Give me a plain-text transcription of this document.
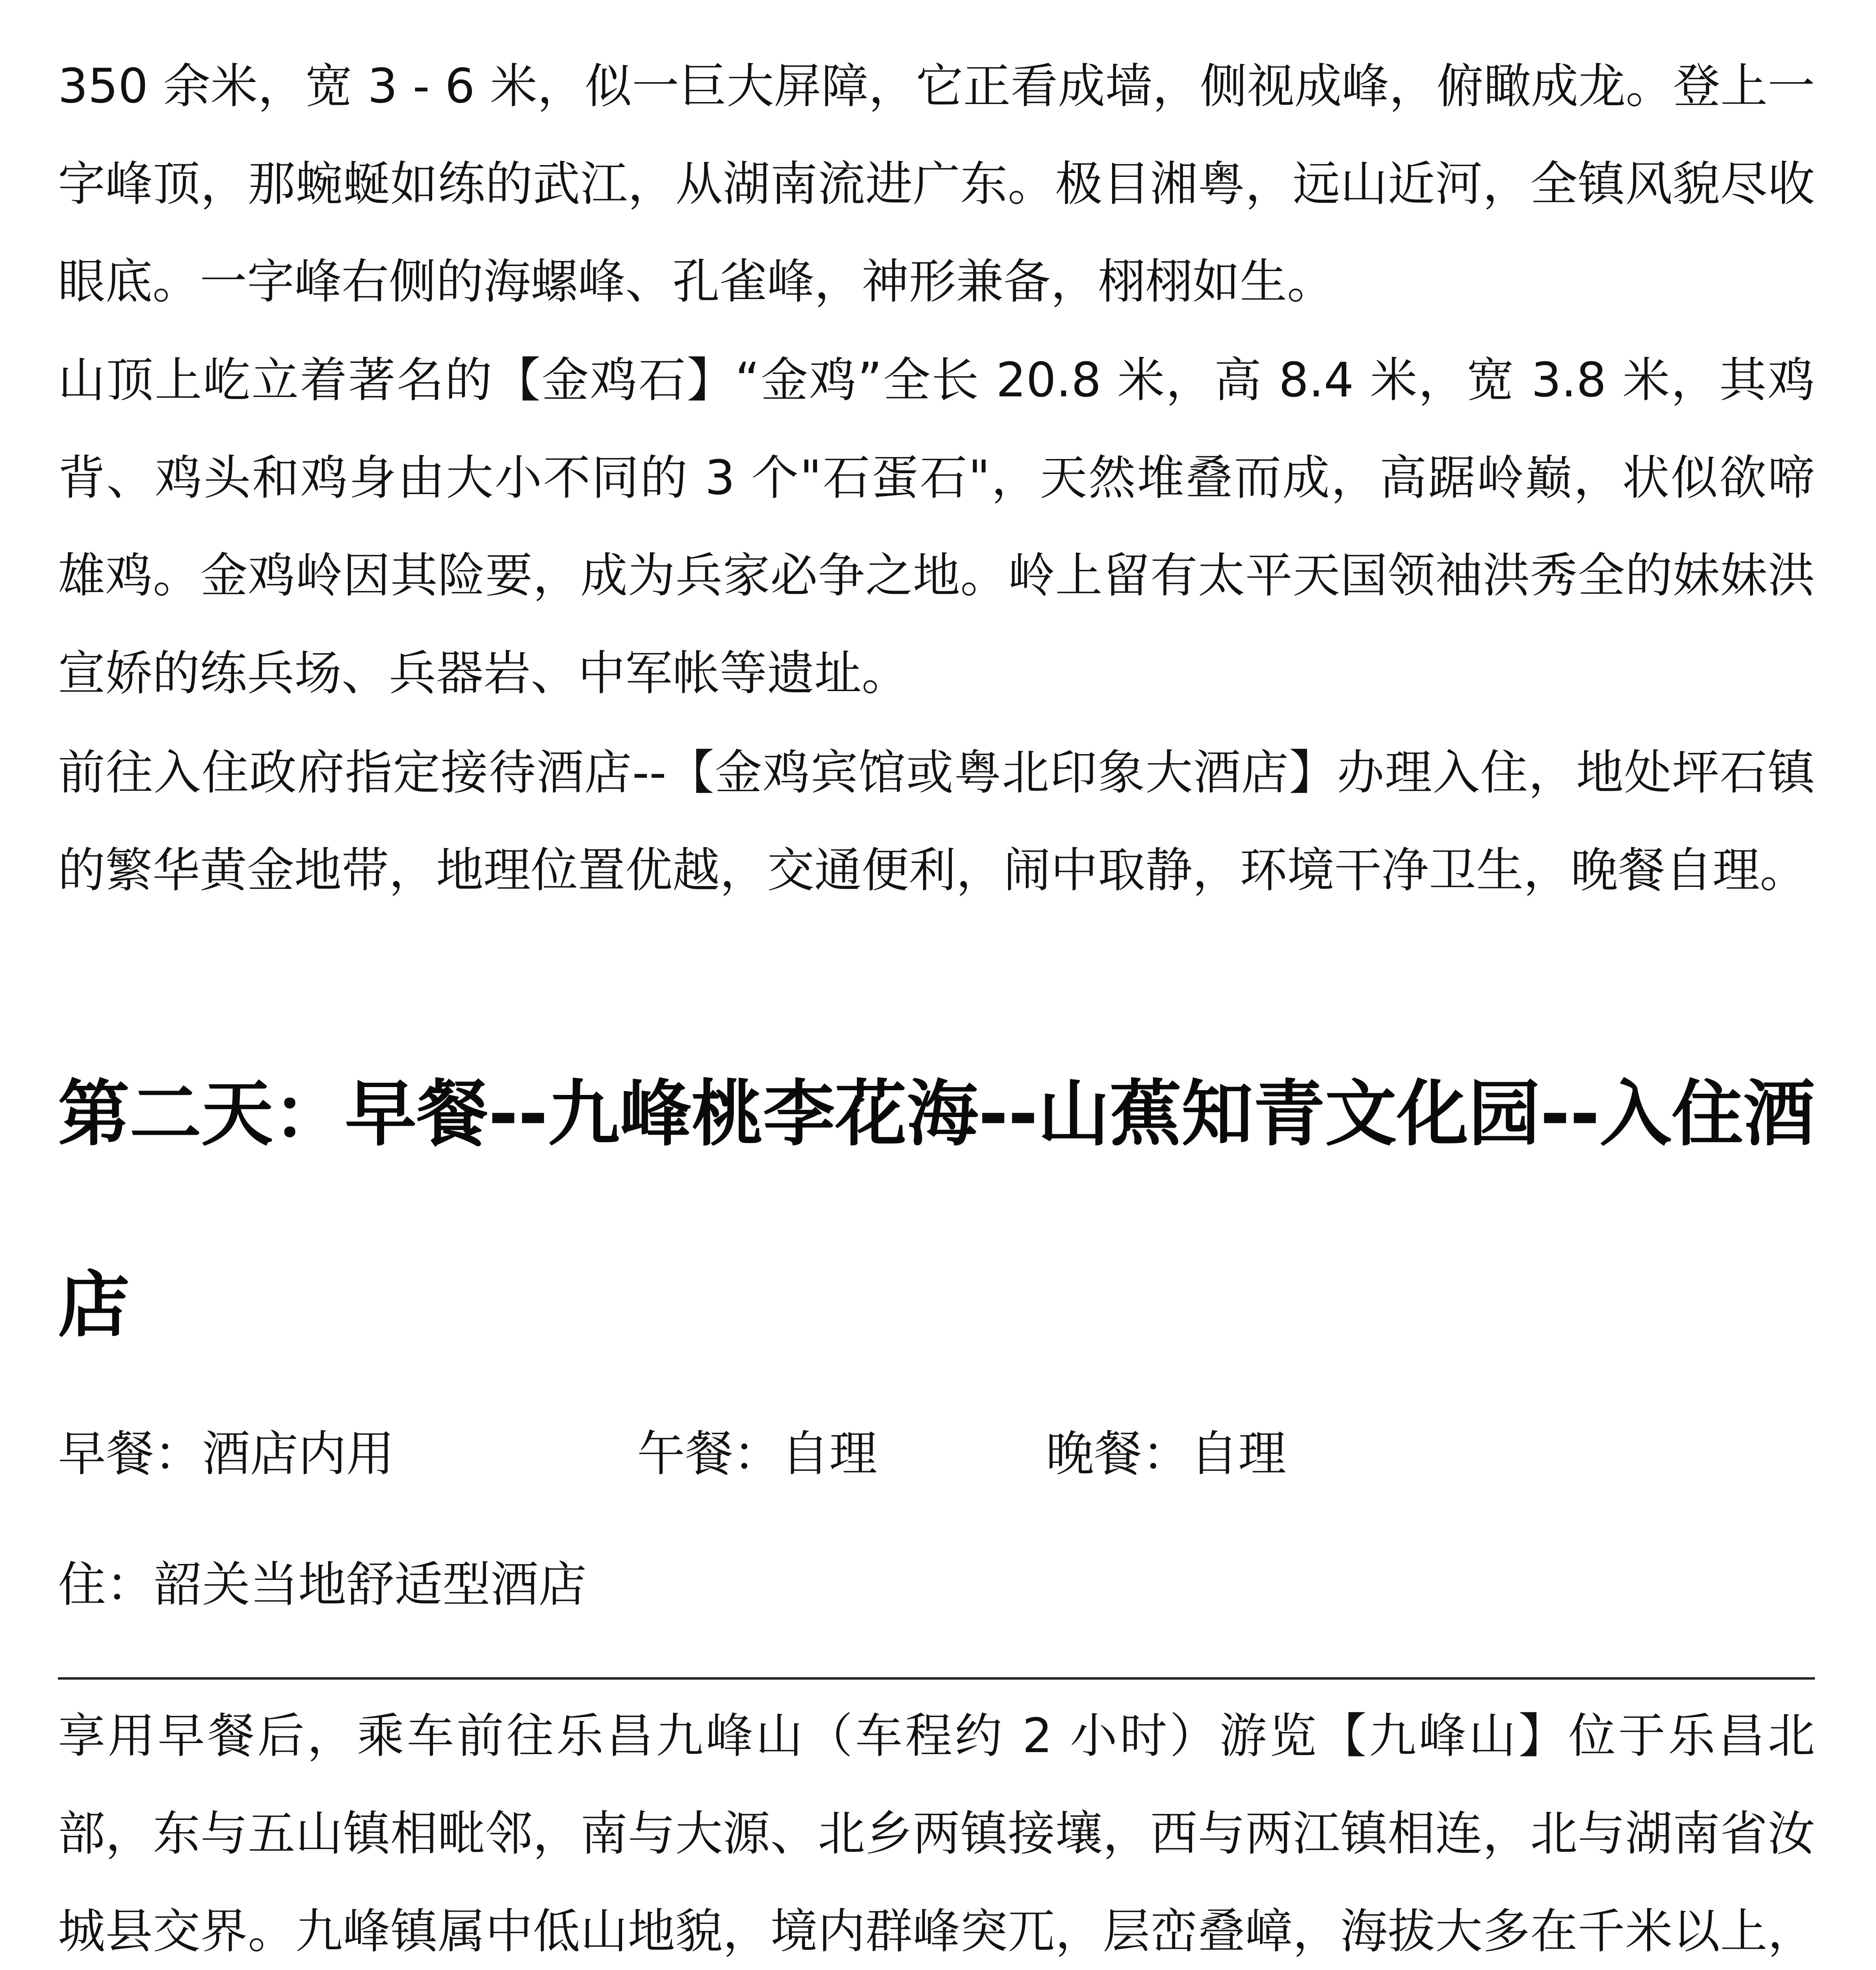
350 余米，宽 3 - 6 米，似一巨大屏障，它正看成墙，侧视成峰，俯瞰成龙。登上一字峰顶，那蜿蜒如练的武江，从湖南流进广东。极目湘粤，远山近河，全镇风貌尽收眼底。一字峰右侧的海螺峰、孔雀峰，神形兼备，栩栩如生。

山顶上屹立着著名的【金鸡石】“金鸡”全长 20.8 米，高 8.4 米，宽 3.8 米，其鸡背、鸡头和鸡身由大小不同的 3 个"石蛋石"，天然堆叠而成，高踞岭巅，状似欲啼雄鸡。金鸡岭因其险要，成为兵家必争之地。岭上留有太平天国领袖洪秀全的妹妹洪宣娇的练兵场、兵器岩、中军帐等遗址。

前往入住政府指定接待酒店--【金鸡宾馆或粤北印象大酒店】办理入住，地处坪石镇的繁华黄金地带，地理位置优越，交通便利，闹中取静，环境干净卫生，晚餐自理。

第二天：早餐--九峰桃李花海--山蕉知青文化园--入住酒店
早餐：酒店内用	午餐：自理	晚餐：自理
住：韶关当地舒适型酒店

享用早餐后，乘车前往乐昌九峰山（车程约 2 小时）游览【九峰山】位于乐昌北部，东与五山镇相毗邻，南与大源、北乡两镇接壤，西与两江镇相连，北与湖南省汝城县交界。九峰镇属中低山地貌，境内群峰突兀，层峦叠嶂，海拔大多在千米以上，
